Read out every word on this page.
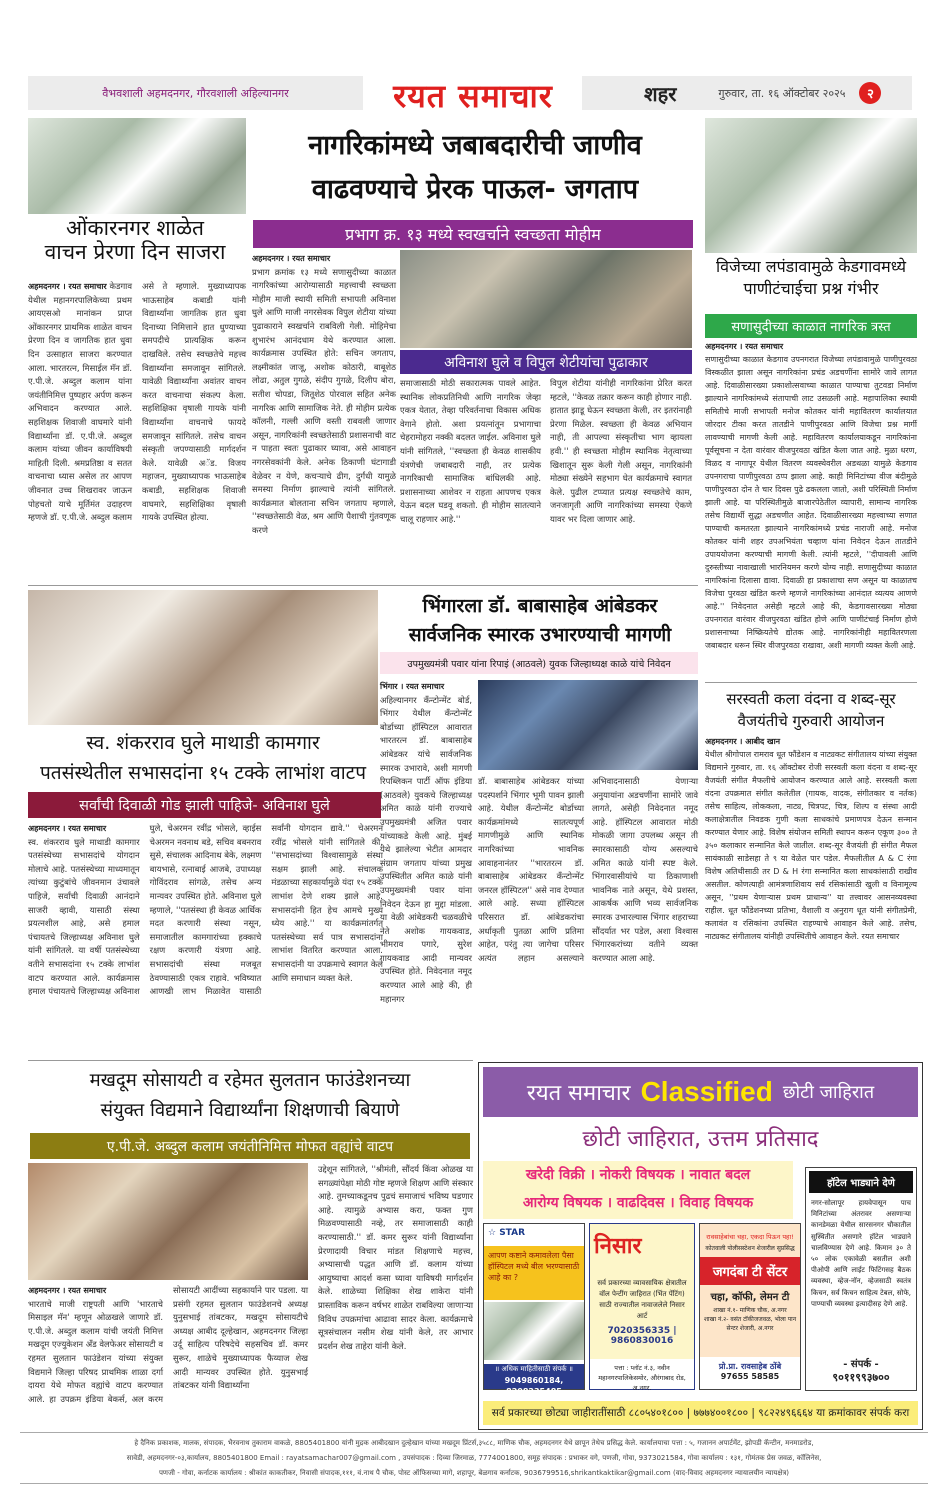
वैभवशाली अहमदनगर, गौरवशाली अहिल्यानगर	रयत समाचार	शहर	गुरुवार, ता. १६ ऑक्टोबर २०२५	२
ओंकारनगर शाळेत
वाचन प्रेरणा दिन साजरा
अहमदनगर । रयत समाचार केडगाव येथील महानगरपालिकेच्या प्रथम आयएसओ मानांकन प्राप्त ओंकारनगर प्राथमिक शाळेत वाचन प्रेरणा दिन व जागतिक हात धुवा दिन उत्साहात साजरा करण्यात आला. भारतरत्न, मिसाईल मॅन डॉ. ए.पी.जे. अब्दुल कलाम यांना जयंतीनिमित्त पुष्पहार अर्पण करून अभिवादन करण्यात आले. सहशिक्षक शिवाजी वाघमारे यांनी विद्यार्थ्यांना डॉ. ए.पी.जे. अब्दुल कलाम यांच्या जीवन कार्याविषयी माहिती दिली. श्रमप्रतिष्ठा व सतत वाचनाचा ध्यास असेल तर आपण जीवनात उच्च शिखरावर जाऊन पोहचतो याचे मूर्तिमंत उदाहरण म्हणजे डॉ. ए.पी.जे. अब्दुल कलाम असे ते म्हणाले. मुख्याध्यापक भाऊसाहेब कबाडी यांनी विद्यार्थ्यांना जागतिक हात धुवा दिनाच्या निमित्ताने हात धुण्याच्या समपदीचे प्रात्यक्षिक करून दाखविले. तसेच स्वच्छतेचे महत्त्व विद्यार्थ्यांना समजावून सांगितले. यावेळी विद्यार्थ्यांना अवांतर वाचन करत वाचनाचा संकल्प केला. सहशिक्षिका वृषाली गायके यांनी विद्यार्थ्यांना वाचनाचे फायदे समजावून सांगितले. तसेच वाचन संस्कृती जपण्यासाठी मार्गदर्शन केले. यावेळी अॅड. विजय महाजन, मुख्याध्यापक भाऊसाहेब कबाडी, सहशिक्षक शिवाजी वाघमारे, सहशिक्षिका वृषाली गायके उपस्थित होत्या.
नागरिकांमध्ये जबाबदारीची जाणीव
वाढवण्याचे प्रेरक पाऊल- जगताप
प्रभाग क्र. १३ मध्ये स्वखर्चाने स्वच्छता मोहीम
अहमदनगर । रयत समाचार
प्रभाग क्रमांक १३ मध्ये सणासुदीच्या काळात नागरिकांच्या आरोग्यासाठी महत्त्वाची स्वच्छता मोहीम माजी स्थायी समिती सभापती अविनाश घुले आणि माजी नगरसेवक विपुल शेटीया यांच्या पुढाकाराने स्वखर्चाने राबविली गेली. मोहिमेचा शुभारंभ आनंदधाम येथे करण्यात आला. कार्यक्रमास उपस्थित होते: सचिन जगताप, लक्ष्मीकांत जाजू, अशोक कोठारी, बाबूशेठ लोढा, अतुल गुगळे, संदीप गुगळे, दिलीप बोरा, सतीश चोपडा, जितूशेठ पोरवाल सहित अनेक नागरिक आणि सामाजिक नेते. ही मोहीम प्रत्येक कॉलनी, गल्ली आणि वस्ती राबवली जाणार असून, नागरिकांनी स्वच्छतेसाठी प्रशासनाची वाट न पाहता स्वतः पुढाकार घ्यावा, असे आवाहन नगरसेवकांनी केले. अनेक ठिकाणी घंटागाडी वेळेवर न येणे, कचऱ्याचे ढीग, दुर्गंधी यामुळे समस्या निर्माण झाल्याचे त्यांनी सांगितले. कार्यक्रमात बोलताना सचिन जगताप म्हणाले, ''स्वच्छतेसाठी वेळ, श्रम आणि पैशाची गुंतवणूक करणे
अविनाश घुले व विपुल शेटीयांचा पुढाकार
समाजासाठी मोठी सकारात्मक पावले आहेत. स्थानिक लोकप्रतिनिधी आणि नागरिक जेव्हा एकत्र येतात, तेव्हा परिवर्तनाचा विकास अधिक वेगाने होतो. अशा प्रयत्नांतून प्रभागाचा चेहरामोहरा नक्की बदलत जाईल. अविनाश घुले यांनी सांगितले, ''स्वच्छता ही केवळ शासकीय यंत्रणेची जबाबदारी नाही, तर प्रत्येक नागरिकाची सामाजिक बांधिलकी आहे. प्रशासनाच्या आशेवर न राहता आपणच एकत्र येऊन बदल घडवू शकतो. ही मोहीम सातत्याने चालू राहणार आहे.''
विपुल शेटीया यांनीही नागरिकांना प्रेरित करत म्हटले, ''केवळ तक्रार करून काही होणार नाही. हातात झाडू घेऊन स्वच्छता केली, तर इतरांनाही प्रेरणा मिळेल. स्वच्छता ही केवळ अभियान नाही, ती आपल्या संस्कृतीचा भाग व्हायला हवी.'' ही स्वच्छता मोहीम स्थानिक नेतृत्वाच्या खिशातून सुरू केली गेली असून, नागरिकांनी मोठ्या संख्येने सहभाग घेत कार्यक्रमाचे स्वागत केले. पुढील टप्प्यात प्रत्यक्ष स्वच्छतेचे काम, जनजागृती आणि नागरिकांच्या समस्या ऐकणे यावर भर दिला जाणार आहे.
विजेच्या लपंडावामुळे केडगावमध्ये
पाणीटंचाईचा प्रश्न गंभीर
सणासुदीच्या काळात नागरिक त्रस्त
अहमदनगर । रयत समाचार
सणासुदीच्या काळात केडगाव उपनगरात विजेच्या लपंडावामुळे पाणीपुरवठा विस्कळीत झाला असून नागरिकांना प्रचंड अडचणींना सामोरे जावे लागत आहे. दिवाळीसारख्या प्रकाशोत्सवाच्या काळात पाण्याचा तुटवडा निर्माण झाल्याने नागरिकांमध्ये संतापाची लाट उसळली आहे. महापालिका स्थायी समितीचे माजी सभापती मनोज कोतकर यांनी महावितरण कार्यालयात जोरदार टीका करत तातडीने पाणीपुरवठा आणि विजेचा प्रश्न मार्गी लावण्याची मागणी केली आहे. महावितरण कार्यालयाकडून नागरिकांना पूर्वसूचना न देता वारंवार वीजपुरवठा खंडित केला जात आहे. मुळा धरण, विळद व नागापूर येथील वितरण व्यवस्थेवरील अडथळा यामुळे केडगाव उपनगराचा पाणीपुरवठा ठप्प झाला आहे. काही मिनिटांच्या वीज बंदीमुळे पाणीपुरवठा दोन ते चार दिवस पुढे ढकलला जातो, अशी परिस्थिती निर्माण झाली आहे. या परिस्थितीमुळे बाजारपेठेतील व्यापारी, सामान्य नागरिक तसेच विद्यार्थी सुद्धा अडचणीत आहेत. दिवाळीसारख्या महत्त्वाच्या सणात पाण्याची कमतरता झाल्याने नागरिकांमध्ये प्रचंड नाराजी आहे. मनोज कोतकर यांनी शहर उपअभियंता चव्हाण यांना निवेदन देऊन तातडीने उपाययोजना करण्याची मागणी केली. त्यांनी म्हटले, ''दीपावली आणि दुरुस्तीच्या नावाखाली भारनियमन करणे योग्य नाही. सणासुदीच्या काळात नागरिकांना दिलासा द्यावा. दिवाळी हा प्रकाशाचा सण असून या काळातच विजेचा पुरवठा खंडित करणे म्हणजे नागरिकांच्या आनंदात व्यत्यय आणणे आहे.'' निवेदनात असेही म्हटले आहे की, केडगावसारख्या मोठ्या उपनगरात वारंवार वीजपुरवठा खंडित होणे आणि पाणीटंचाई निर्माण होणे प्रशासनाच्या निष्क्रियतेचे द्योतक आहे. नागरिकांनीही महावितरणला जबाबदार धरून स्थिर वीजपुरवठा राखावा, अशी मागणी व्यक्त केली आहे.
सरस्वती कला वंदना व शब्द-सूर
वैजयंतीचे गुरुवारी आयोजन
अहमदनगर । आबीद खान
येथील श्रीगोपाल रामराव धूत फौंडेशन व नाट्यकट संगीतालय यांच्या संयुक्त विद्यमाने गुरुवार, ता. १६ ऑक्टोबर रोजी सरस्वती कला वंदना व शब्द-सूर वैजयंती संगीत मैफलीचे आयोजन करण्यात आले आहे. सरस्वती कला वंदना उपक्रमात संगीत कलेतील (गायक, वादक, संगीतकार व नर्तक) तसेच साहित्य, लोककला, नाट्य, चित्रपट, चित्र, शिल्प व संस्था आदी कलाक्षेत्रातील निवडक गुणी कला साधकांचे प्रमाणपत्र देऊन सन्मान करण्यात येणार आहे. विशेष संयोजन समिती स्थापन करून एकूण ३०० ते ३५० कलाकार सन्मानित केले जातील. शब्द-सूर वैजयंती ही संगीत मैफल सायंकाळी साडेसहा ते ९ या वेळेत पार पडेल. मैफलीतील A & C रंगा विशेष अतिथीसाठी तर D & H रंगा सन्मानित कला साधकांसाठी राखीव असतील. कोणत्याही आमंत्रणाशिवाय सर्व रसिकांसाठी खुली व विनामूल्य असून, ''प्रथम येणाऱ्यास प्रथम प्राधान्य'' या तत्त्वावर आसनव्यवस्था राहील. धूत फौंडेशनच्या प्रतिभा, वैशाली व अनुराग धूत यांनी संगीतप्रेमी, कलावंत व रसिकांना उपस्थित राहण्याचे आवाहन केले आहे. तसेच, नाट्यकट संगीतालय यांनीही उपस्थितीचे आवाहन केले. रयत समाचार
स्व. शंकरराव घुले माथाडी कामगार
पतसंस्थेतील सभासदांना १५ टक्के लाभांश वाटप
सर्वांची दिवाळी गोड झाली पाहिजे- अविनाश घुले
अहमदनगर । रयत समाचार
स्व. शंकरराव घुले माथाडी कामगार पतसंस्थेच्या सभासदांचे योगदान मोलाचे आहे. पतसंस्थेच्या माध्यमातून त्यांच्या कुटुंबांचे जीवनमान उंचावले पाहिजे, सर्वांची दिवाळी आनंदाने साजरी व्हावी, यासाठी संस्था प्रयत्नशील आहे, असे हमाल पंचायतचे जिल्हाध्यक्ष अविनाश घुले यांनी सांगितले. या वर्षी पतसंस्थेच्या वतीने सभासदांना १५ टक्के लाभांश वाटप करण्यात आले. कार्यक्रमास हमाल पंचायतचे जिल्हाध्यक्ष अविनाश घुले, चेअरमन रवींद्र भोसले, व्हाईस चेअरमन नवनाथ बडे, सचिव बबनराव सुसे, संचालक आदिनाथ बेके, लक्ष्मण बायभासे, रत्नाबाई आजबे, उपाध्यक्ष गोविंदराव सांगळे, तसेच अन्य मान्यवर उपस्थित होते. अविनाश घुले म्हणाले, ''पतसंस्था ही केवळ आर्थिक मदत करणारी संस्था नसून, समाजातील कामगारांच्या हक्काचे रक्षण करणारी यंत्रणा आहे. सभासदांची संस्था मजबूत ठेवण्यासाठी एकत्र राहावे. भविष्यात आणखी लाभ मिळावेत यासाठी सर्वांनी योगदान द्यावे.'' चेअरमन रवींद्र भोसले यांनी सांगितले की, ''सभासदांच्या विश्वासामुळे संस्था सक्षम झाली आहे. संचालक मंडळाच्या सहकार्यामुळे यंदा १५ टक्के लाभांश देणे शक्य झाले आहे. सभासदांनी हित हेच आमचे मुख्य ध्येय आहे.'' या कार्यक्रमांतर्गत पतसंस्थेच्या सर्व पात्र सभासदांना लाभांश वितरित करण्यात आला. सभासदांनी या उपक्रमाचे स्वागत केले आणि समाधान व्यक्त केले.
भिंगारला डॉ. बाबासाहेब आंबेडकर
सार्वजनिक स्मारक उभारण्याची मागणी
उपमुख्यमंत्री पवार यांना रिपाइं (आठवले) युवक जिल्हाध्यक्ष काळे यांचे निवेदन
भिंगार । रयत समाचार
अहिल्यानगर कँन्टोन्मेंट बोर्ड, भिंगार येथील कँन्टोन्मेंट बोर्डाच्या हॉस्पिटल आवारात भारतरत्न डॉ. बाबासाहेब आंबेडकर यांचे सार्वजनिक स्मारक उभारावे, अशी मागणी रिपब्लिकन पार्टी ऑफ इंडिया (आठवले) युवकचे जिल्हाध्यक्ष अमित काळे यांनी राज्याचे उपमुख्यमंत्री अजित पवार यांच्याकडे केली आहे. मुंबई येथे झालेल्या भेटीत आमदार संग्राम जगताप यांच्या प्रमुख उपस्थितीत अमित काळे यांनी उपमुख्यमंत्री पवार यांना निवेदन देऊन हा मुद्दा मांडला. या वेळी आंबेडकरी चळवळीचे नेते अशोक गायकवाड, भीमराव पगारे, सुरेश गायकवाड आदी मान्यवर उपस्थित होते. निवेदनात नमूद करण्यात आले आहे की, ही महानगर
डॉ. बाबासाहेब आंबेडकर यांच्या पदस्पर्शाने भिंगार भूमी पावन झाली आहे. येथील कँन्टोन्मेंट बोर्डाच्या कार्यक्रमांमध्ये सातत्यपूर्ण मागणीमुळे आणि स्थानिक नागरिकांच्या भावनिक आवाहनानंतर ''भारतरत्न डॉ. बाबासाहेब आंबेडकर कँन्टोन्मेंट जनरल हॉस्पिटल'' असे नाव देण्यात आले आहे. सध्या हॉस्पिटल परिसरात डॉ. आंबेडकरांचा अर्धाकृती पुतळा आणि प्रतिमा आहेत, परंतु त्या जागेचा परिसर अत्यंत लहान असल्याने अभिवादनासाठी येणाऱ्या अनुयायांना अडचणींना सामोरे जावे लागते, असेही निवेदनात नमूद आहे. हॉस्पिटल आवारात मोठी मोकळी जागा उपलब्ध असून ती स्मारकासाठी योग्य असल्याचे अमित काळे यांनी स्पष्ट केले. भिंगारवासीयांचे या ठिकाणाशी भावनिक नाते असून, येथे प्रशस्त, आकर्षक आणि भव्य सार्वजनिक स्मारक उभारल्यास भिंगार शहराच्या सौंदर्यात भर पडेल, अशा विश्वास भिंगारकरांच्या वतीने व्यक्त करण्यात आला आहे.
मखदूम सोसायटी व रहेमत सुलतान फाउंडेशनच्या
संयुक्त विद्यमाने विद्यार्थ्यांना शिक्षणाची बियाणे
ए.पी.जे. अब्दुल कलाम जयंतीनिमित्त मोफत वह्यांचे वाटप
अहमदनगर । रयत समाचार
भारताचे माजी राष्ट्रपती आणि 'भारताचे मिसाइल मॅन' म्हणून ओळखले जाणारे डॉ. ए.पी.जे. अब्दुल कलाम यांची जयंती निमित्त मखदूम एज्युकेशन अँड वेलफेअर सोसायटी व रहमत सुलतान फाउंडेशन यांच्या संयुक्त विद्यमाने जिल्हा परिषद प्राथमिक शाळा दर्गा दायरा येथे मोफत वह्यांचे वाटप करण्यात आले. हा उपक्रम इंडिया बेकर्स, अल करम सोसायटी आदींच्या सहकार्याने पार पडला. या प्रसंगी रहमत सुलतान फाउंडेशनचे अध्यक्ष युनुसभाई तांबटकर, मखदूम सोसायटीचे अध्यक्ष आबीद दूल्हेखान, अहमदनगर जिल्हा उर्दू साहित्य परिषदेचे सहसचिव डॉ. कमर सुरूर, शाळेचे मुख्याध्यापक फैय्याज शेख आदी मान्यवर उपस्थित होते. युनुसभाई तांबटकर यांनी विद्यार्थ्यांना
उद्देशून सांगितले, ''श्रीमंती, सौंदर्य किंवा ओळख या सगळ्यांपेक्षा मोठी गोष्ट म्हणजे शिक्षण आणि संस्कार आहे. तुमच्याकडूनच पुढचं समाजाचं भविष्य घडणार आहे. त्यामुळे अभ्यास करा, फक्त गुण मिळवण्यासाठी नव्हे, तर समाजासाठी काही करण्यासाठी.'' डॉ. कमर सुरूर यांनी विद्यार्थ्यांना प्रेरणादायी विचार मांडत शिक्षणाचे महत्त्व, अभ्यासाची पद्धत आणि डॉ. कलाम यांच्या आयुष्याचा आदर्श कसा घ्यावा याविषयी मार्गदर्शन केले. शाळेच्या शिक्षिका शेख शाकेरा यांनी प्रास्ताविक करून वर्षभर शाळेत राबविल्या जाणाऱ्या विविध उपक्रमांचा आढावा सादर केला. कार्यक्रमाचे सूत्रसंचालन नसीम शेख यांनी केले, तर आभार प्रदर्शन शेख ताहेरा यांनी केले.
रयत समाचार Classified छोटी जाहिरात
छोटी जाहिरात, उत्तम प्रतिसाद
खरेदी विक्री । नोकरी विषयक । नावात बदल
आरोग्य विषयक । वाढदिवस । विवाह विषयक
☆ STAR
आपण कष्टाने कमावलेला पैसा हॉस्पिटल मध्ये बील भरण्यासाठी आहे का ?
॥ अधिक माहितीसाठी संपर्क ॥
9049860184, 8208235485
निसार
सर्व प्रकारच्या व्यावसायिक क्षेत्रातील वॉल पेन्टींग जाहिरात (भिंत पेंटिंग) साठी राज्यातील नावाजलेले निसार आर्ट
7020356335 | 9860830016
पत्ता : प्लॉट नं.३, नवीन महानगरपालिकेसमोर, औरंगाबाद रोड, अ.नगर.
रावसाहेबांचा चहा, एकदा पिऊन पहा!
कोतवाली पोलीसस्टेशन शेजारील सुप्रसिद्ध
जगदंबा टी सेंटर
चहा, कॉफी, लेमन टी
शाखा नं.१- माणिक चौक, अ.नगर
शाखा नं.२- वसंत टॉकीजजवळ, भोला पान सेन्टर शेजारी, अ.नगर
प्रो.प्रा. रावसाहेब ठोंबे
97655 58585
हॉटेल भाड्याने देणे
नगर-सोलापूर हायवेपासून पाच मिनिटांच्या अंतरावर असणाऱ्या कानडेमळा येथील सारसनगर चौकातील सुस्थितीत असणारे हॉटेल भाड्याने चालविण्यास देणे आहे. किमान ३० ते ५० लोक एकावेळी बसतील अशी पीओपी आणि लाईट फिटिंगसह बैठक व्यवस्था, व्हेज-नॉन, व्हेजसाठी स्वतंत्र किचन, सर्व किचन साहित्य टेबल, सोफे, पाण्याची व्यवस्था इत्यादीसह देणे आहे.
- संपर्क -
९०११९९३७००
सर्व प्रकारच्या छोट्या जाहीरातींसाठी ८८०५४०१८०० | ७७७४००१८०० | ९८२२४९६६६४ या क्रमांकावर संपर्क करा
हे दैनिक प्रकाशक, मालक, संपादक, भैरवनाथ तुकाराम वाकळे, 8805401800 यांनी मुद्रक आबीदखान दुल्हेखान यांच्या मखदूम प्रिंटर्स,३५८८, माणिक चौक, अहमदनगर येथे छापून तेथेच प्रसिद्ध केले. कार्यालयाचा पत्ता : ५, गजानन अपार्टमेंट, झोपडी कॅन्टीन, मनमाडरोड,
सावेडी, अहमदनगर-०३,कार्यालय, 8805401800 Email : rayatsamachar007@gmail.com , उपसंपादक : दिव्या जिरमाळ, 7774001800, समूह संपादक : प्रभाकर वगे, पणजी, गोवा, 9373021584, गोवा कार्यालय : १३१, गोमंतक प्रेस जवळ, कॉलिनेस,
पणजी - गोवा, कर्नाटक कार्यालय : श्रीकांत काकतीकर, निवासी संपादक,१११, वं.नाथ पै चौक, पोस्ट ऑफिसच्या मागे, शहापूर, बेळगाव कर्नाटक, 9036799516,shrikantkaktikar@gmail.com (वाद-विवाद अहमदनगर न्यायालयीन न्यायक्षेत्र)
